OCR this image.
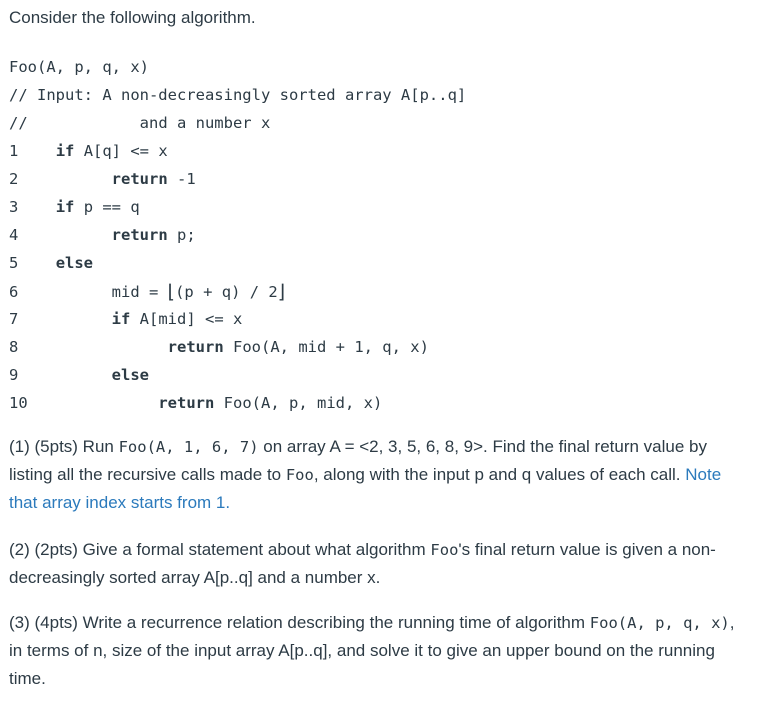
Consider the following algorithm.
Foo(A, p, q, x)
// Input: A non-decreasingly sorted array A[p..q]
//	and a number x
1 if A[q] <= x
2	return -1
3 if p == q
4	return p;
5 else
6	mid = ⌊(p + q) / 2⌋
7	if A[mid] <= x
8	return Foo(A, mid + 1, q, x)
9	else
10	return Foo(A, p, mid, x)
(1) (5pts) Run Foo(A, 1, 6, 7) on array A = <2, 3, 5, 6, 8, 9>. Find the final return value by listing all the recursive calls made to Foo, along with the input p and q values of each call. Note that array index starts from 1.
(2) (2pts) Give a formal statement about what algorithm Foo's final return value is given a non-decreasingly sorted array A[p..q] and a number x.
(3) (4pts) Write a recurrence relation describing the running time of algorithm Foo(A, p, q, x), in terms of n, size of the input array A[p..q], and solve it to give an upper bound on the running time.
